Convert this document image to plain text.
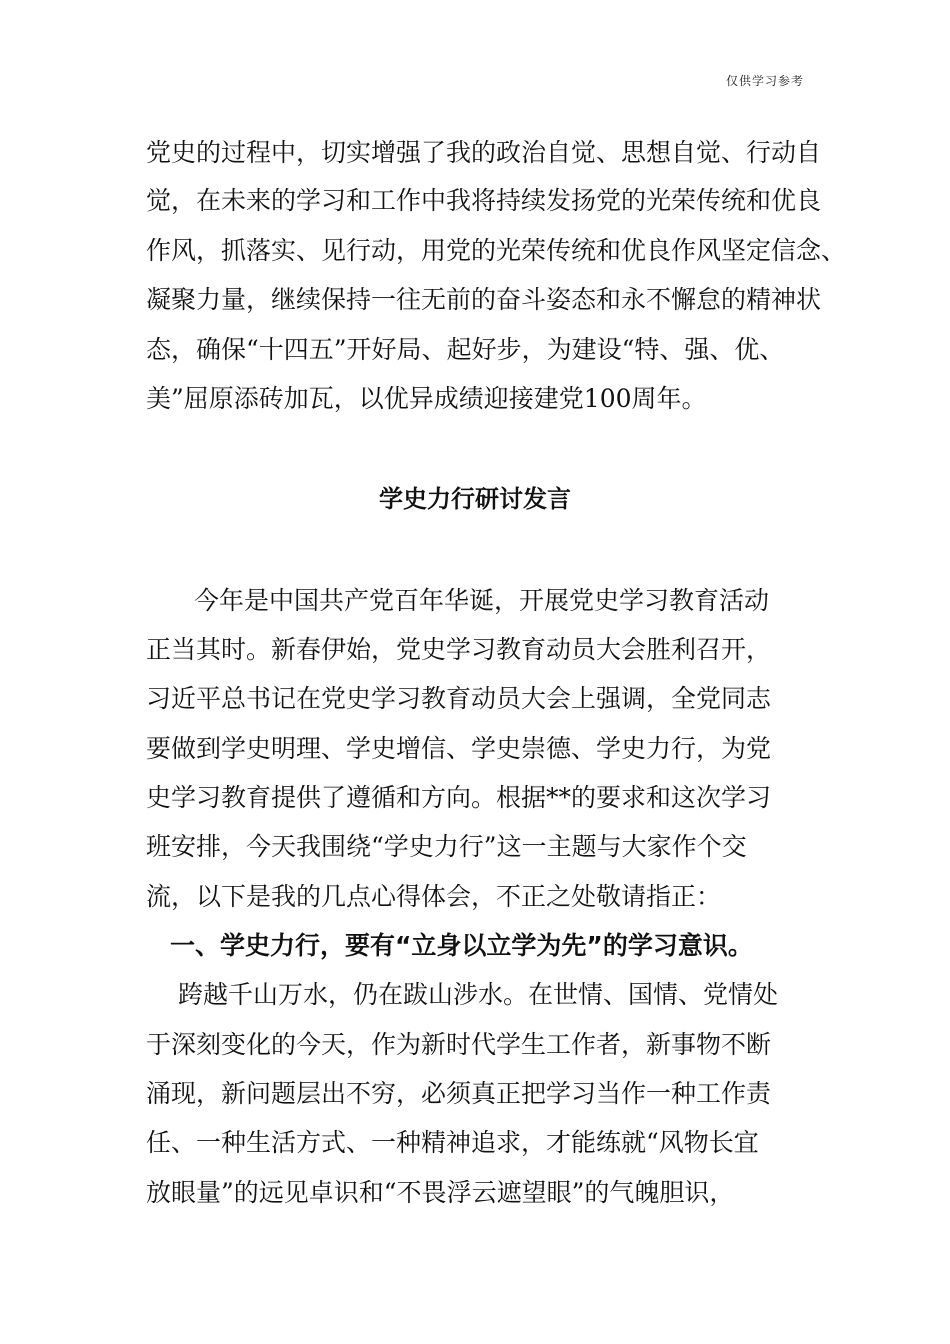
仅供学习参考
党史的过程中，切实增强了我的政治自觉、思想自觉、行动自
觉，在未来的学习和工作中我将持续发扬党的光荣传统和优良
作风，抓落实、见行动，用党的光荣传统和优良作风坚定信念、
凝聚力量，继续保持一往无前的奋斗姿态和永不懈怠的精神状
态，确保“十四五”开好局、起好步，为建设“特、强、优、
美”屈原添砖加瓦，以优异成绩迎接建党100周年。
学史力行研讨发言
今年是中国共产党百年华诞，开展党史学习教育活动
正当其时。新春伊始，党史学习教育动员大会胜利召开，
习近平总书记在党史学习教育动员大会上强调，全党同志
要做到学史明理、学史增信、学史崇德、学史力行，为党
史学习教育提供了遵循和方向。根据**的要求和这次学习
班安排，今天我围绕“学史力行”这一主题与大家作个交
流，以下是我的几点心得体会，不正之处敬请指正：
一、学史力行，要有“立身以立学为先”的学习意识。
跨越千山万水，仍在跋山涉水。在世情、国情、党情处
于深刻变化的今天，作为新时代学生工作者，新事物不断
涌现，新问题层出不穷，必须真正把学习当作一种工作责
任、一种生活方式、一种精神追求，才能练就“风物长宜
放眼量”的远见卓识和“不畏浮云遮望眼”的气魄胆识，
